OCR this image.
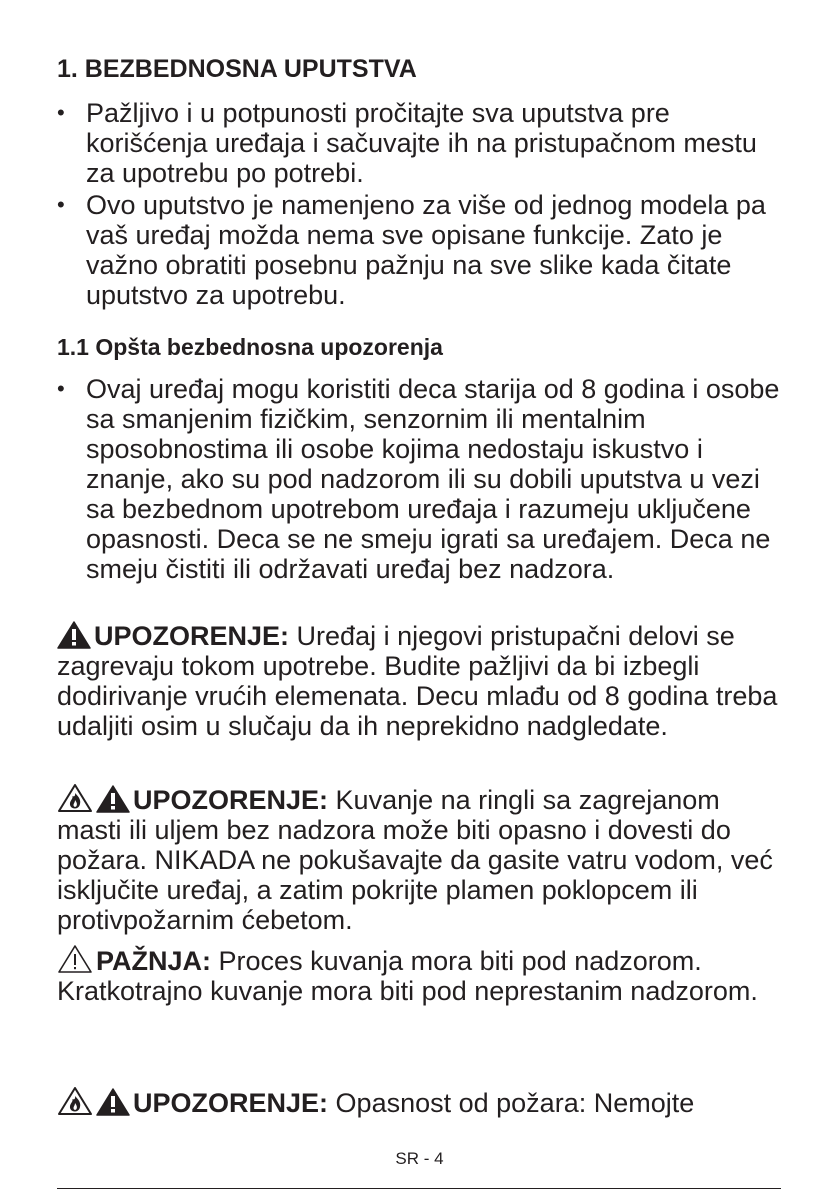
1. BEZBEDNOSNA UPUTSTVA
• Pažljivo i u potpunosti pročitajte sva uputstva pre korišćenja uređaja i sačuvajte ih na pristupačnom mestu za upotrebu po potrebi.
• Ovo uputstvo je namenjeno za više od jednog modela pa vaš uređaj možda nema sve opisane funkcije. Zato je važno obratiti posebnu pažnju na sve slike kada čitate uputstvo za upotrebu.
1.1 Opšta bezbednosna upozorenja
• Ovaj uređaj mogu koristiti deca starija od 8 godina i osobe sa smanjenim fizičkim, senzornim ili mentalnim sposobnostima ili osobe kojima nedostaju iskustvo i znanje, ako su pod nadzorom ili su dobili uputstva u vezi sa bezbednom upotrebom uređaja i razumeju uključene opasnosti. Deca se ne smeju igrati sa uređajem. Deca ne smeju čistiti ili održavati uređaj bez nadzora.

UPOZORENJE: Uređaj i njegovi pristupačni delovi se zagrevaju tokom upotrebe. Budite pažljivi da bi izbegli dodirivanje vrućih elemenata. Decu mlađu od 8 godina treba udaljiti osim u slučaju da ih neprekidno nadgledate.

UPOZORENJE: Kuvanje na ringli sa zagrejanom masti ili uljem bez nadzora može biti opasno i dovesti do požara. NIKADA ne pokušavajte da gasite vatru vodom, već isključite uređaj, a zatim pokrijte plamen poklopcem ili protivpožarnim ćebetom.

PAŽNJA: Proces kuvanja mora biti pod nadzorom. Kratkotrajno kuvanje mora biti pod neprestanim nadzorom.

UPOZORENJE: Opasnost od požara: Nemojte

SR - 4
